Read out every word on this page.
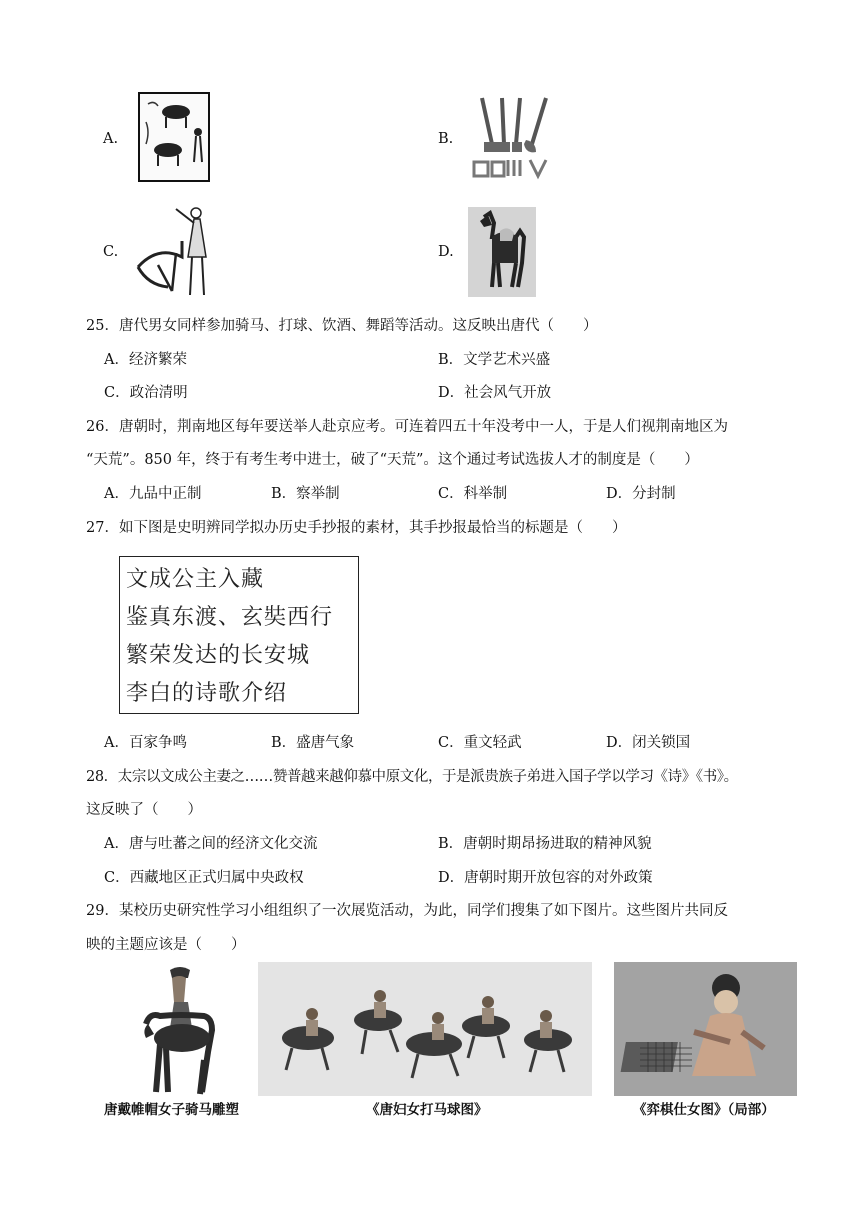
A.	B.
C.	D.
25．唐代男女同样参加骑马、打球、饮酒、舞蹈等活动。这反映出唐代（　　）
A．经济繁荣	B．文学艺术兴盛
C．政治清明	D．社会风气开放
26．唐朝时，荆南地区每年要送举人赴京应考。可连着四五十年没考中一人，于是人们视荆南地区为
“天荒”。850 年，终于有考生考中进士，破了“天荒”。这个通过考试选拔人才的制度是（　　）
A．九品中正制	B．察举制	C．科举制	D．分封制
27．如下图是史明辨同学拟办历史手抄报的素材，其手抄报最恰当的标题是（　　）
文成公主入藏
鉴真东渡、玄奘西行
繁荣发达的长安城
李白的诗歌介绍
A．百家争鸣	B．盛唐气象	C．重文轻武	D．闭关锁国
28．太宗以文成公主妻之……赞普越来越仰慕中原文化，于是派贵族子弟进入国子学以学习《诗》《书》。
这反映了（　　）
A．唐与吐蕃之间的经济文化交流	B．唐朝时期昂扬进取的精神风貌
C．西藏地区正式归属中央政权	D．唐朝时期开放包容的对外政策
29．某校历史研究性学习小组组织了一次展览活动，为此，同学们搜集了如下图片。这些图片共同反
映的主题应该是（　　）
唐戴帷帽女子骑马雕塑	《唐妇女打马球图》	《弈棋仕女图》（局部）
